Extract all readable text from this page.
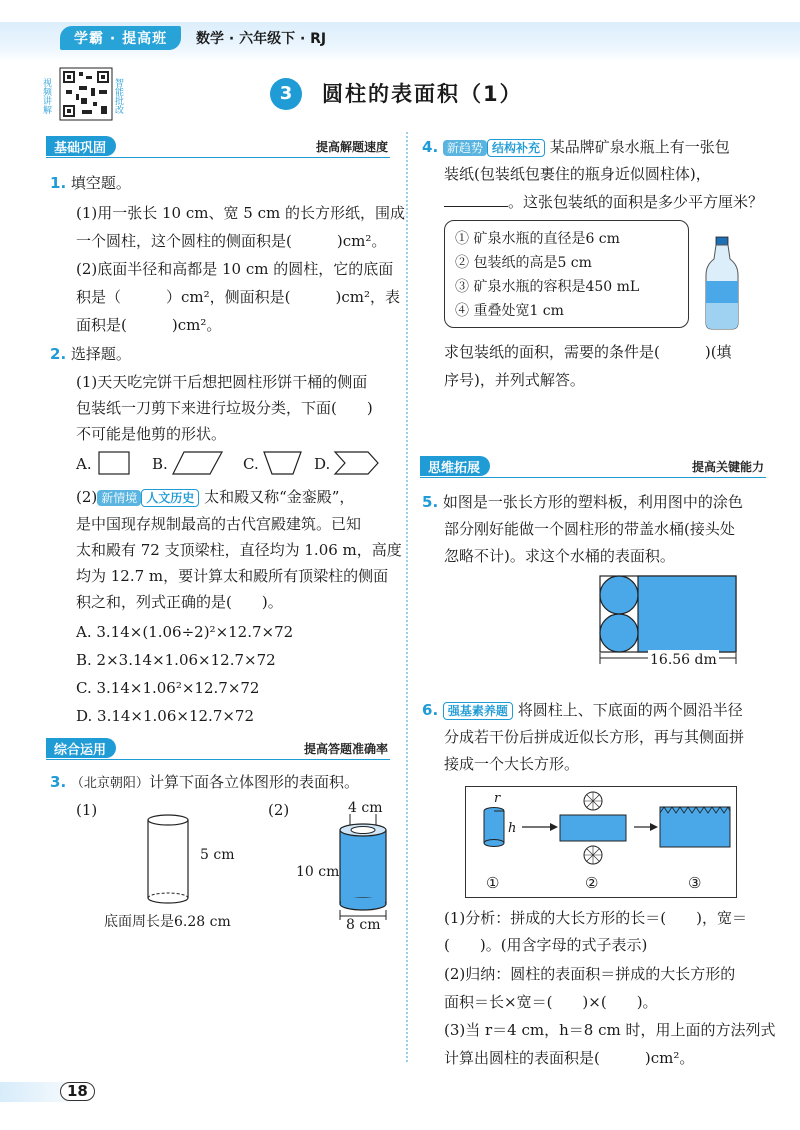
学霸 · 提高班	数学 · 六年级下 · RJ
视频讲解	智能批改	3	圆柱的表面积（1）
基础巩固	提高解题速度
1. 填空题。
(1)用一张长 10 cm、宽 5 cm 的长方形纸，围成
一个圆柱，这个圆柱的侧面积是(　　　)cm²。
(2)底面半径和高都是 10 cm 的圆柱，它的底面
积是（　　　）cm²，侧面积是(　　　)cm²，表
面积是(　　　)cm²。
2. 选择题。
(1)天天吃完饼干后想把圆柱形饼干桶的侧面
包装纸一刀剪下来进行垃圾分类，下面(　　)
不可能是他剪的形状。
A.	B.	C.	D.
(2) 新情境 人文历史 太和殿又称“金銮殿”，
是中国现存规制最高的古代宫殿建筑。已知
太和殿有 72 支顶梁柱，直径均为 1.06 m，高度
均为 12.7 m，要计算太和殿所有顶梁柱的侧面
积之和，列式正确的是(　　)。
A. 3.14×(1.06÷2)²×12.7×72
B. 2×3.14×1.06×12.7×72
C. 3.14×1.06²×12.7×72
D. 3.14×1.06×12.7×72
综合运用	提高答题准确率
3. （北京朝阳）计算下面各立体图形的表面积。
(1)	(2)
5 cm
底面周长是6.28 cm
4 cm
10 cm
8 cm
4. 新趋势 结构补充 某品牌矿泉水瓶上有一张包
装纸(包装纸包裹住的瓶身近似圆柱体)，
。这张包装纸的面积是多少平方厘米？
① 矿泉水瓶的直径是6 cm
② 包装纸的高是5 cm
③ 矿泉水瓶的容积是450 mL
④ 重叠处宽1 cm
求包装纸的面积，需要的条件是(　　　)(填
序号)，并列式解答。
思维拓展	提高关键能力
5. 如图是一张长方形的塑料板，利用图中的涂色
部分刚好能做一个圆柱形的带盖水桶(接头处
忽略不计)。求这个水桶的表面积。
16.56 dm
6. 强基素养题 将圆柱上、下底面的两个圆沿半径
分成若干份后拼成近似长方形，再与其侧面拼
接成一个大长方形。
r
h
①	②	③
(1)分析：拼成的大长方形的长＝(　　)，宽＝
(　　)。(用含字母的式子表示)
(2)归纳：圆柱的表面积＝拼成的大长方形的
面积＝长×宽＝(　　)×(　　)。
(3)当 r＝4 cm，h＝8 cm 时，用上面的方法列式
计算出圆柱的表面积是(　　　)cm²。
18
